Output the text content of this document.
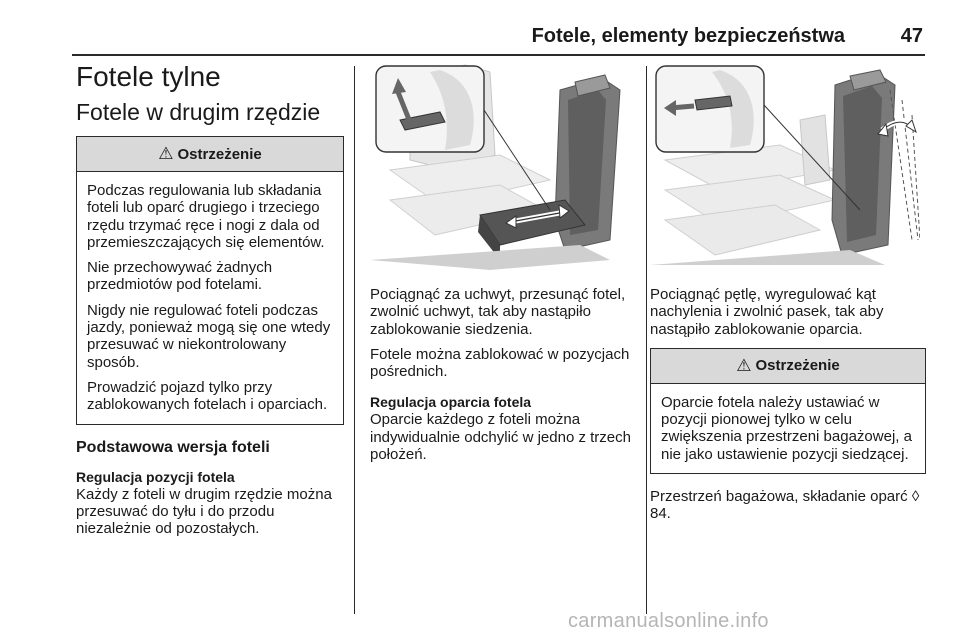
Fotele, elementy bezpieczeństwa	47
Fotele tylne
Fotele w drugim rzędzie
⚠ Ostrzeżenie

Podczas regulowania lub składania foteli lub oparć drugiego i trzeciego rzędu trzymać ręce i nogi z dala od przemieszczających się elementów.

Nie przechowywać żadnych przedmiotów pod fotelami.

Nigdy nie regulować foteli podczas jazdy, ponieważ mogą się one wtedy przesuwać w niekontrolowany sposób.

Prowadzić pojazd tylko przy zablokowanych fotelach i oparciach.

Podstawowa wersja foteli
Regulacja pozycji fotela

Każdy z foteli w drugim rzędzie można przesuwać do tyłu i do przodu niezależnie od pozostałych.

Pociągnąć za uchwyt, przesunąć fotel, zwolnić uchwyt, tak aby nastąpiło zablokowanie siedzenia.

Fotele można zablokować w pozycjach pośrednich.

Regulacja oparcia fotela

Oparcie każdego z foteli można indywidualnie odchylić w jedno z trzech położeń.

Pociągnąć pętlę, wyregulować kąt nachylenia i zwolnić pasek, tak aby nastąpiło zablokowanie oparcia.

⚠ Ostrzeżenie

Oparcie fotela należy ustawiać w pozycji pionowej tylko w celu zwiększenia przestrzeni bagażowej, a nie jako ustawienie pozycji siedzącej.

Przestrzeń bagażowa, składanie oparć ◊ 84.

carmanualsonline.info
